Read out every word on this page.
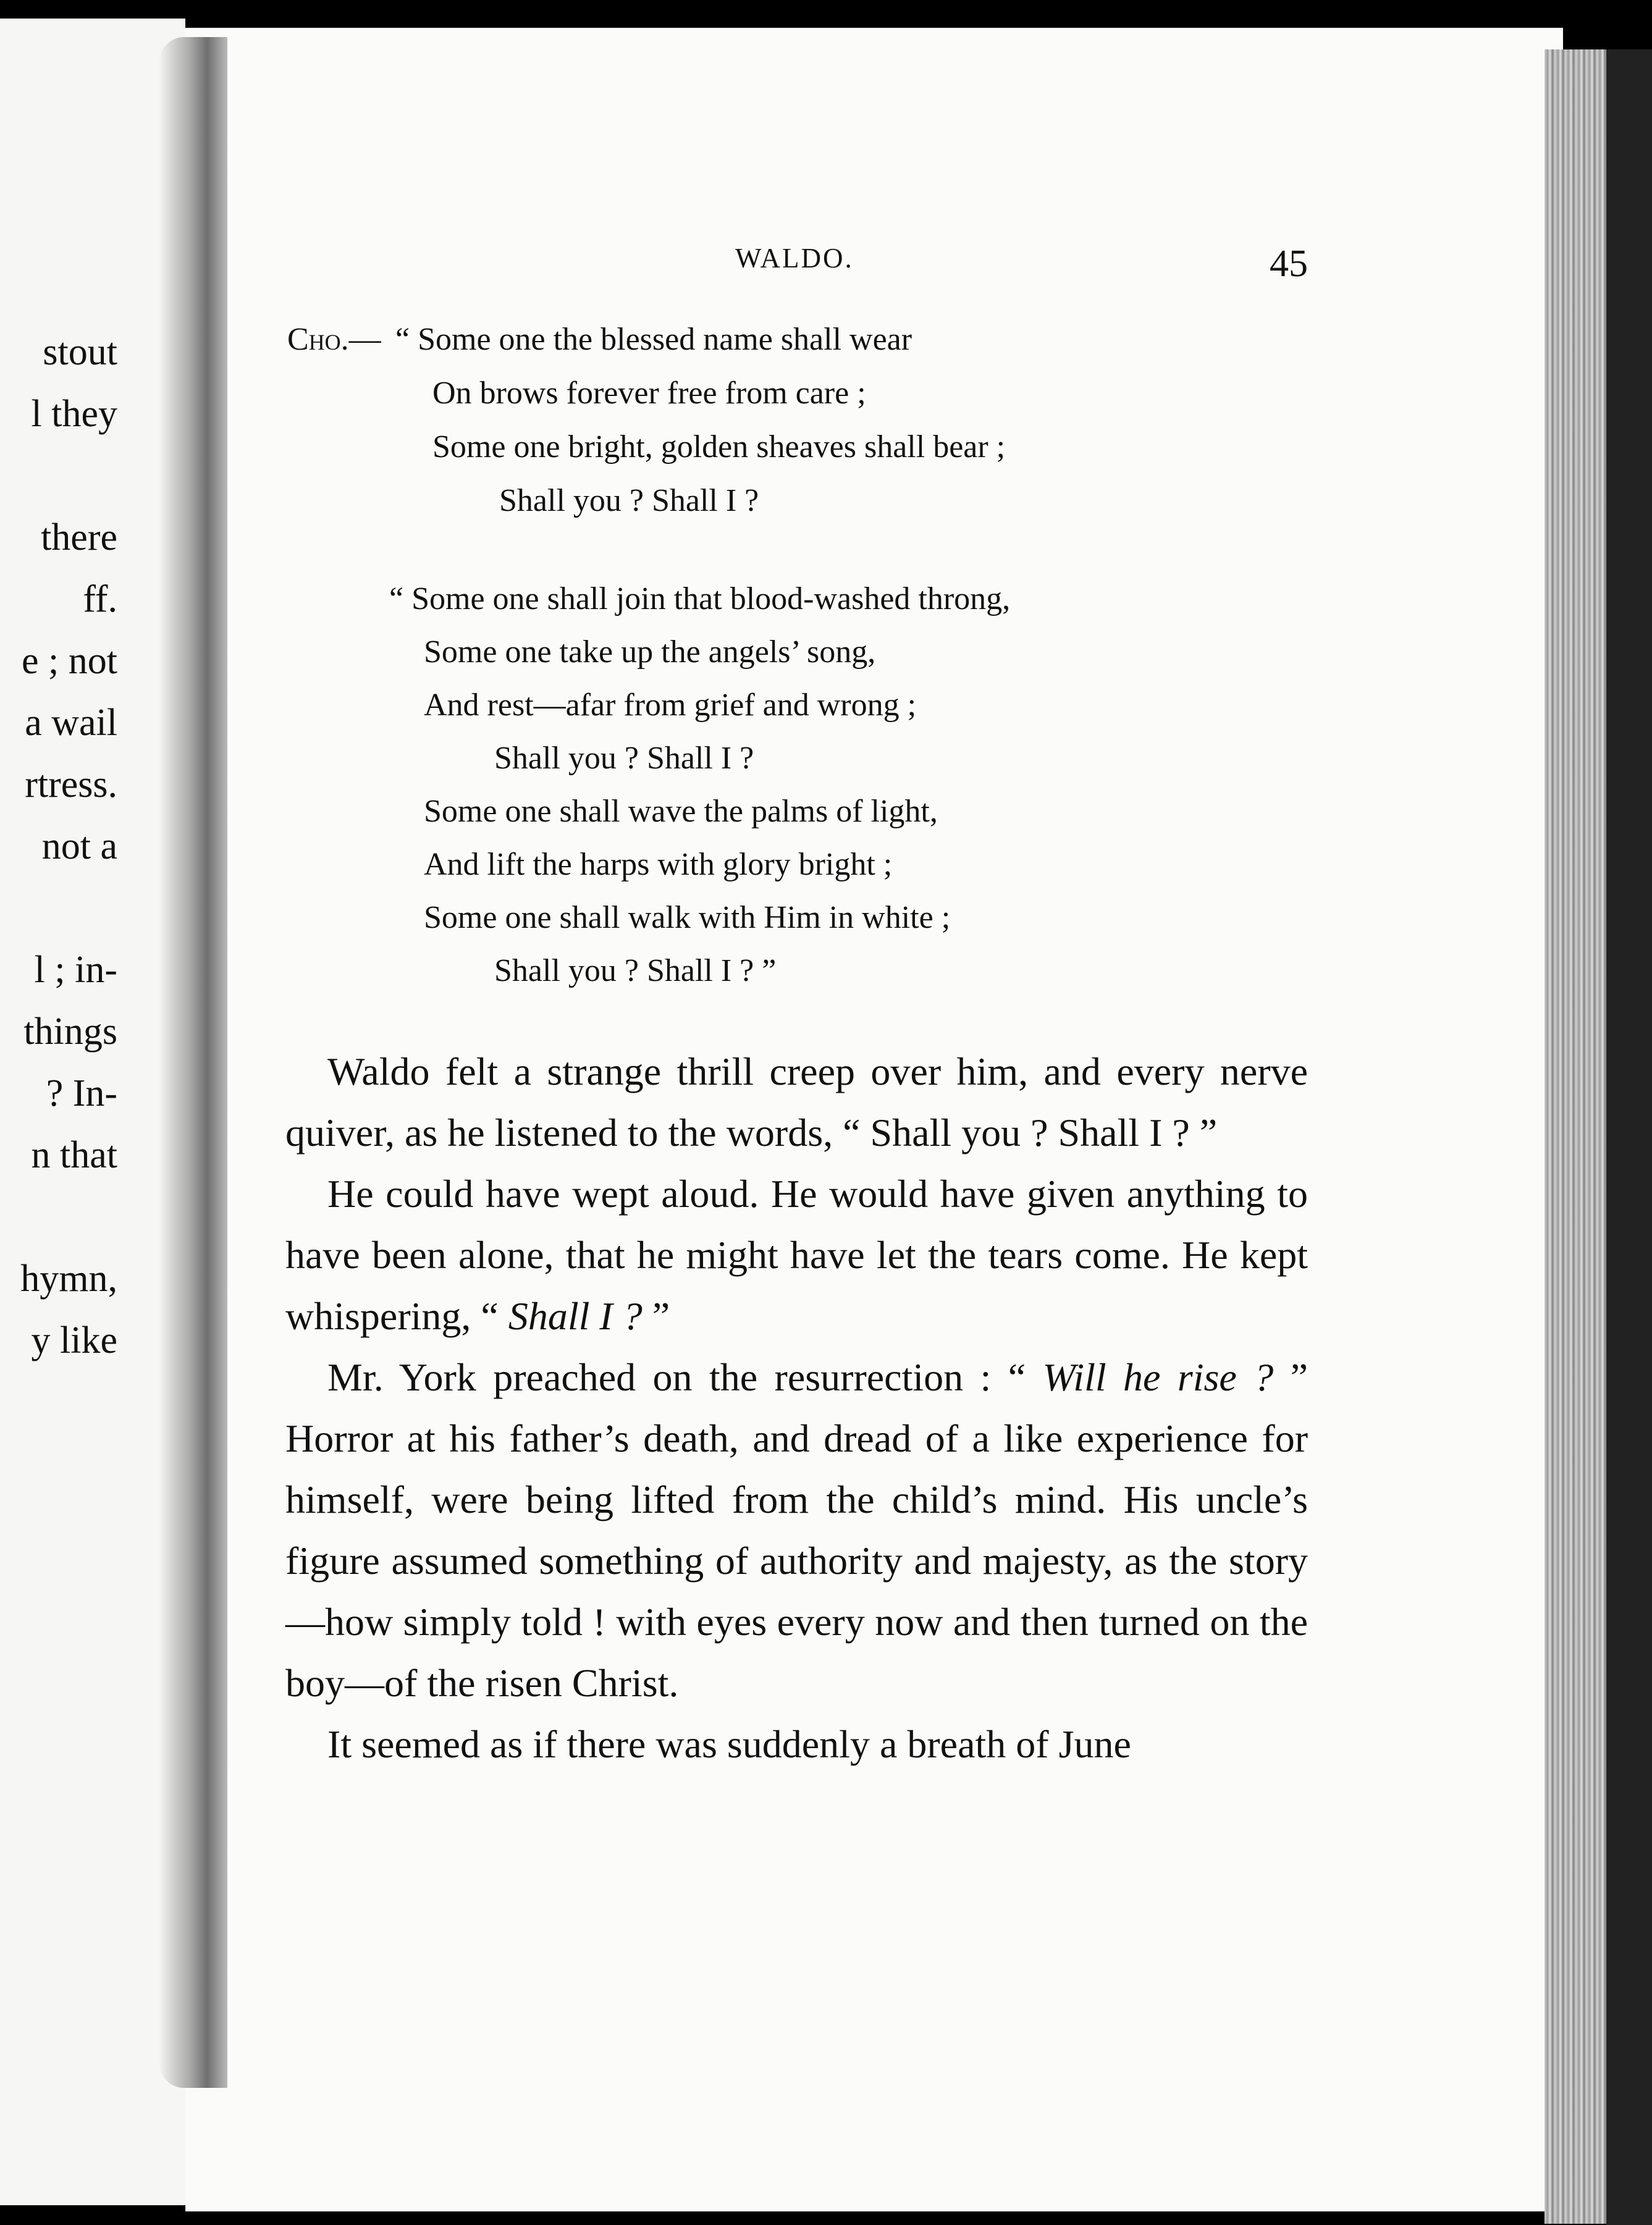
stout
l they
there
ff.
e ; not
a wail
rtress.
not a
l ; in-
things
? In-
n that
hymn,
y like
WALDO.	45
Cho.— “ Some one the blessed name shall wear
On brows forever free from care ;
Some one bright, golden sheaves shall bear ;
Shall you ? Shall I ?
“ Some one shall join that blood-washed throng,
Some one take up the angels’ song,
And rest—afar from grief and wrong ;
Shall you ? Shall I ?
Some one shall wave the palms of light,
And lift the harps with glory bright ;
Some one shall walk with Him in white ;
Shall you ? Shall I ? ”

Waldo felt a strange thrill creep over him, and every nerve quiver, as he listened to the words, “ Shall you ? Shall I ? ”

He could have wept aloud. He would have given anything to have been alone, that he might have let the tears come. He kept whispering, “ Shall I ? ”

Mr. York preached on the resurrection : “ Will he rise ? ” Horror at his father’s death, and dread of a like experience for himself, were being lifted from the child’s mind. His uncle’s figure assumed something of authority and majesty, as the story—how simply told ! with eyes every now and then turned on the boy—of the risen Christ.

It seemed as if there was suddenly a breath of June
